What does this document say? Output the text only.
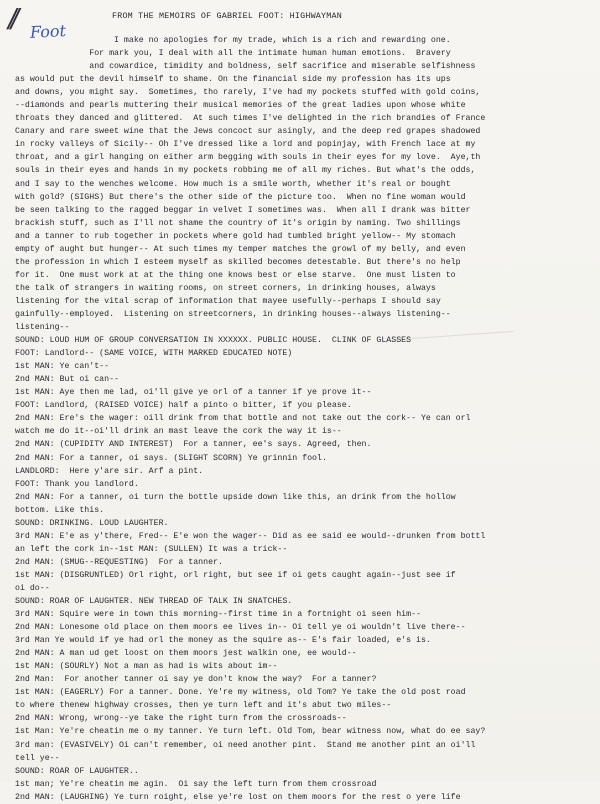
// Foot
FROM THE MEMOIRS OF GABRIEL FOOT: HIGHWAYMAN
I make no apologies for my trade, which is a rich and rewarding one.
For mark you, I deal with all the intimate human human emotions.  Bravery
and cowardice, timidity and boldness, self sacrifice and miserable selfishness
as would put the devil himself to shame. On the financial side my profession has its ups
and downs, you might say.  Sometimes, tho rarely, I've had my pockets stuffed with gold coins,
--diamonds and pearls muttering their musical memories of the great ladies upon whose white
throats they danced and glittered.  At such times I've delighted in the rich brandies of France
Canary and rare sweet wine that the Jews concoct sur asingly, and the deep red grapes shadowed
in rocky valleys of Sicily-- Oh I've dressed like a lord and popinjay, with French lace at my
throat, and a girl hanging on either arm begging with souls in their eyes for my love.  Aye,th
souls in their eyes and hands in my pockets robbing me of all my riches. But what's the odds,
and I say to the wenches welcome. How much is a smile worth, whether it's real or bought
with gold? (SIGHS) But there's the other side of the picture too.  When no fine woman would
be seen talking to the ragged beggar in velvet I sometimes was.  When all I drank was bitter
brackish stuff, such as I'll not shame the country of it's origin by naming. Two shillings
and a tanner to rub together in pockets where gold had tumbled bright yellow-- My stomach
empty of aught but hunger-- At such times my temper matches the growl of my belly, and even
the profession in which I esteem myself as skilled becomes detestable. But there's no help
for it.  One must work at at the thing one knows best or else starve.  One must listen to
the talk of strangers in waiting rooms, on street corners, in drinking houses, always
listening for the vital scrap of information that mayee usefully--perhaps I should say
gainfully--employed.  Listening on streetcorners, in drinking houses--always listening--
listening--
SOUND: LOUD HUM OF GROUP CONVERSATION IN XXXXXX. PUBLIC HOUSE.  CLINK OF GLASSES
FOOT: Landlord-- (SAME VOICE, WITH MARKED EDUCATED NOTE)
1st MAN: Ye can't--
2nd MAN: But oi can--
1st MAN: Aye then me lad, oi'll give ye orl of a tanner if ye prove it--
FOOT: Landlord, (RAISED VOICE) half a pinto o bitter, if you please.
2nd MAN: Ere's the wager: oill drink from that bottle and not take out the cork-- Ye can orl
watch me do it--oi'll drink an mast leave the cork the way it is--
2nd MAN: (CUPIDITY AND INTEREST)  For a tanner, ee's says. Agreed, then.
2nd MAN: For a tanner, oi says. (SLIGHT SCORN) Ye grinnin fool.
LANDLORD:  Here y'are sir. Arf a pint.
FOOT: Thank you landlord.
2nd MAN: For a tanner, oi turn the bottle upside down like this, an drink from the hollow
bottom. Like this.
SOUND: DRINKING. LOUD LAUGHTER.
3rd MAN: E'e as y'there, Fred-- E'e won the wager-- Did as ee said ee would--drunken from bottl
an left the cork in--1st MAN: (SULLEN) It was a trick--
2nd MAN: (SMUG--REQUESTING)  For a tanner.
1st MAN: (DISGRUNTLED) Orl right, orl right, but see if oi gets caught again--just see if
oi do--
SOUND: ROAR OF LAUGHTER. NEW THREAD OF TALK IN SNATCHES.
3rd MAN: Squire were in town this morning--first time in a fortnight oi seen him--
2nd MAN: Lonesome old place on them moors ee lives in-- Oi tell ye oi wouldn't live there--
3rd Man Ye would if ye had orl the money as the squire as-- E's fair loaded, e's is.
2nd MAN: A man ud get loost on them moors jest walkin one, ee would--
1st MAN: (SOURLY) Not a man as had is wits about im--
2nd Man:  For another tanner oi say ye don't know the way?  For a tanner?
1st MAN: (EAGERLY) For a tanner. Done. Ye're my witness, old Tom? Ye take the old post road
to where thenew highway crosses, then ye turn left and it's abut two miles--
2nd MAN: Wrong, wrong--ye take the right turn from the crossroads--
1st Man: Ye're cheatin me o my tanner. Ye turn left. Old Tom, bear witness now, what do ee say?
3rd man: (EVASIVELY) Oi can't remember, oi need another pint.  Stand me another pint an oi'll
tell ye--
SOUND: ROAR OF LAUGHTER..
1st man; Ye're cheatin me agin.  Oi say the left turn from them crossroad
2nd MAN: (LAUGHING) Ye turn roight, else ye're lost on them moors for the rest o yere life
